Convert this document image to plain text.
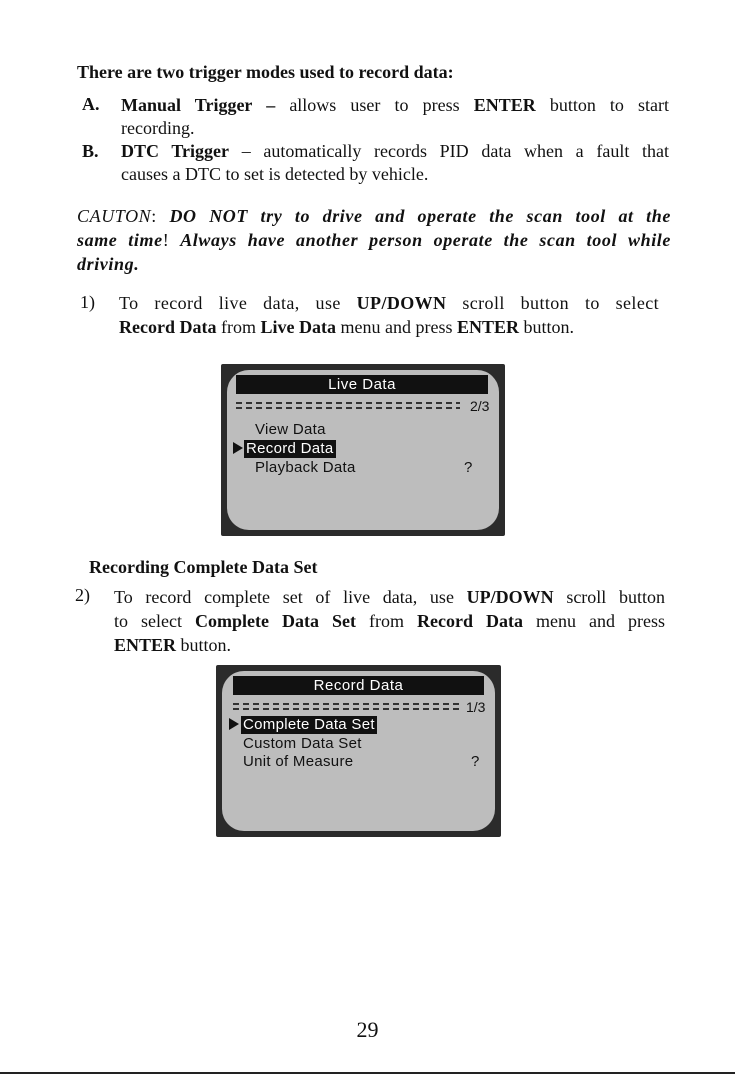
There are two trigger modes used to record data:
A. Manual Trigger – allows user to press ENTER button to start
recording.
B. DTC Trigger – automatically records PID data when a fault that
causes a DTC to set is detected by vehicle.
CAUTON: DO NOT try to drive and operate the scan tool at the
same time! Always have another person operate the scan tool while
driving.
1) To record live data, use UP/DOWN scroll button to select
Record Data from Live Data menu and press ENTER button.
Live Data
2/3
View Data
Record Data
Playback Data	?
Recording Complete Data Set
2) To record complete set of live data, use UP/DOWN scroll button
to select Complete Data Set from Record Data menu and press
ENTER button.
Record Data
1/3
Complete Data Set
Custom Data Set
Unit of Measure	?
29
